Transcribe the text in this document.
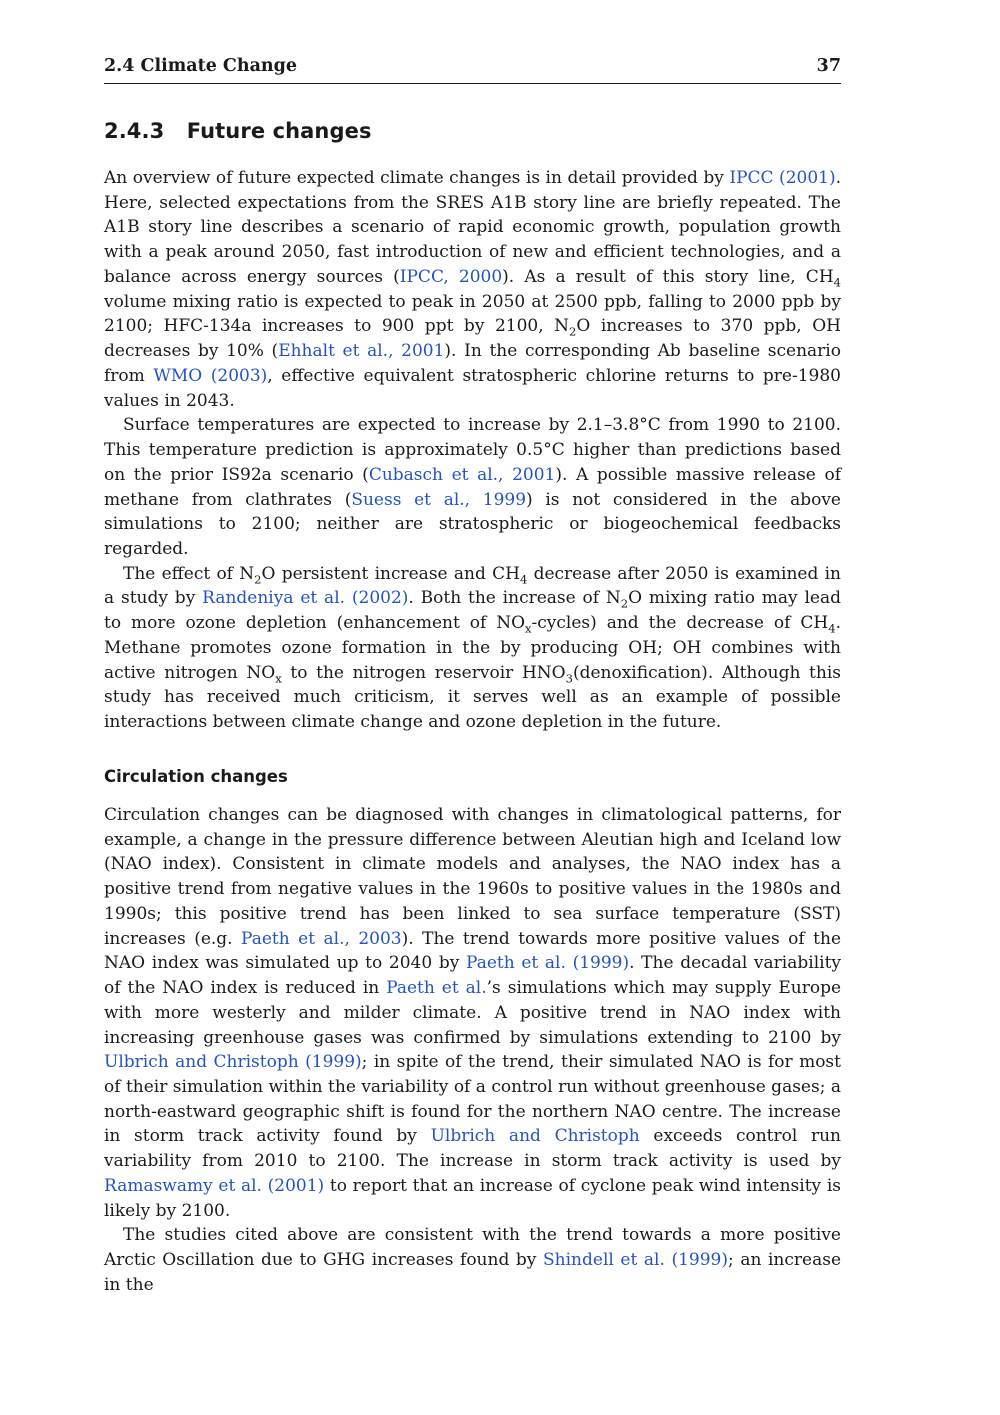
2.4 Climate Change	37
2.4.3 Future changes

An overview of future expected climate changes is in detail provided by IPCC (2001). Here, selected expectations from the SRES A1B story line are briefly repeated. The A1B story line describes a scenario of rapid economic growth, population growth with a peak around 2050, fast introduction of new and efficient technologies, and a balance across energy sources (IPCC, 2000). As a result of this story line, $CH_4$ volume mixing ratio is expected to peak in 2050 at 2500 ppb, falling to 2000 ppb by 2100; HFC-134a increases to 900 ppt by 2100, $N_2O$ increases to 370 ppb, OH decreases by 10% (Ehhalt et al., 2001). In the corresponding Ab baseline scenario from WMO (2003), effective equivalent stratospheric chlorine returns to pre-1980 values in 2043.

Surface temperatures are expected to increase by 2.1–3.8°C from 1990 to 2100. This temperature prediction is approximately 0.5°C higher than predictions based on the prior IS92a scenario (Cubasch et al., 2001). A possible massive release of methane from clathrates (Suess et al., 1999) is not considered in the above simulations to 2100; neither are stratospheric or biogeochemical feedbacks regarded.

The effect of $N_2O$ persistent increase and $CH_4$ decrease after 2050 is examined in a study by Randeniya et al. (2002). Both the increase of $N_2O$ mixing ratio may lead to more ozone depletion (enhancement of $NO_x-cycles$) and the decrease of $CH_4$. Methane promotes ozone formation in the by producing OH; OH combines with active nitrogen $NO_x$ to the nitrogen reservoir $HNO_3(denoxification)$. Although this study has received much criticism, it serves well as an example of possible interactions between climate change and ozone depletion in the future.

Circulation changes

Circulation changes can be diagnosed with changes in climatological patterns, for example, a change in the pressure difference between Aleutian high and Iceland low (NAO index). Consistent in climate models and analyses, the NAO index has a positive trend from negative values in the 1960s to positive values in the 1980s and 1990s; this positive trend has been linked to sea surface temperature (SST) increases (e.g. Paeth et al., 2003). The trend towards more positive values of the NAO index was simulated up to 2040 by Paeth et al. (1999). The decadal variability of the NAO index is reduced in Paeth et al.’s simulations which may supply Europe with more westerly and milder climate. A positive trend in NAO index with increasing greenhouse gases was confirmed by simulations extending to 2100 by Ulbrich and Christoph (1999); in spite of the trend, their simulated NAO is for most of their simulation within the variability of a control run without greenhouse gases; a north-eastward geographic shift is found for the northern NAO centre. The increase in storm track activity found by Ulbrich and Christoph exceeds control run variability from 2010 to 2100. The increase in storm track activity is used by Ramaswamy et al. (2001) to report that an increase of cyclone peak wind intensity is likely by 2100.

The studies cited above are consistent with the trend towards a more positive Arctic Oscillation due to GHG increases found by Shindell et al. (1999); an increase in the
